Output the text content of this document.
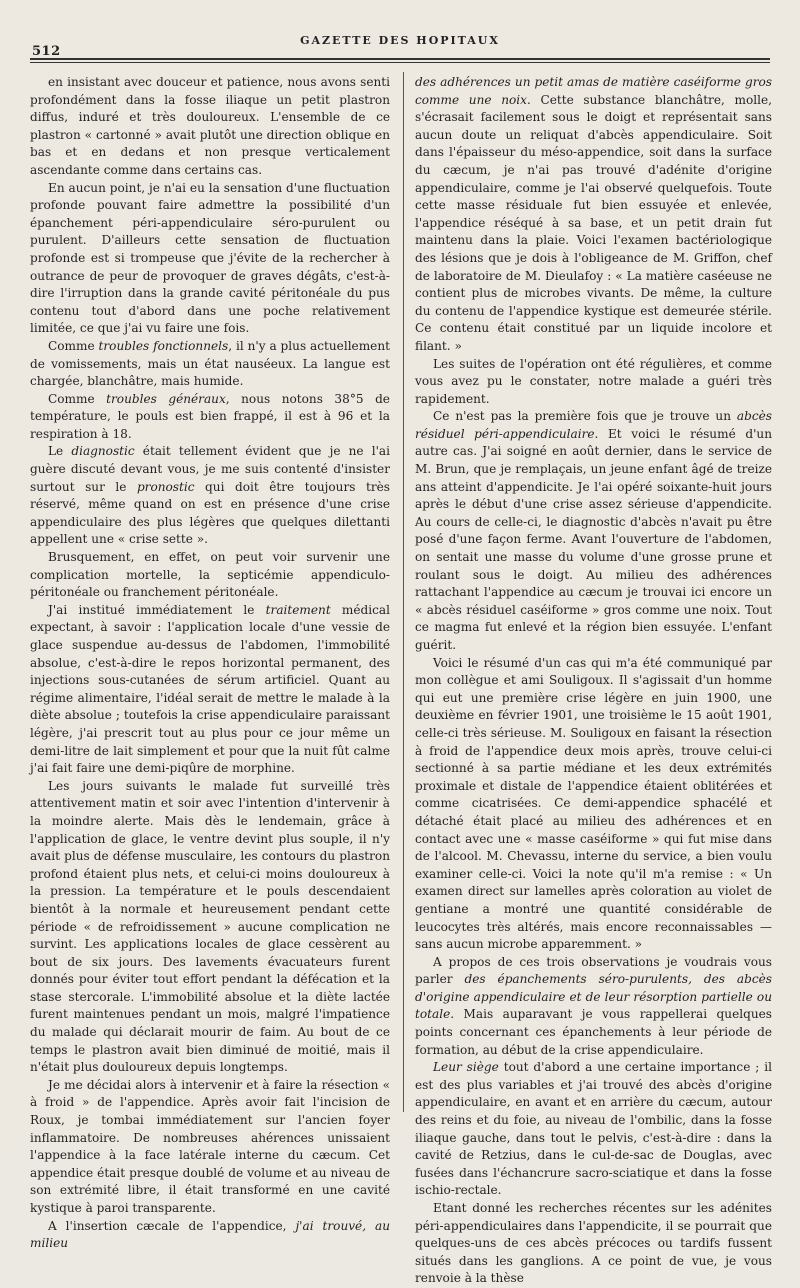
512
GAZETTE DES HOPITAUX

en insistant avec douceur et patience, nous avons senti profondément dans la fosse iliaque un petit plastron diffus, induré et très douloureux. L'ensemble de ce plastron « cartonné » avait plutôt une direction oblique en bas et en dedans et non presque verticalement ascendante comme dans certains cas.

En aucun point, je n'ai eu la sensation d'une fluctuation profonde pouvant faire admettre la possibilité d'un épanchement péri-appendiculaire séro-purulent ou purulent. D'ailleurs cette sensation de fluctuation profonde est si trompeuse que j'évite de la rechercher à outrance de peur de provoquer de graves dégâts, c'est-à-dire l'irruption dans la grande cavité péritonéale du pus contenu tout d'abord dans une poche relativement limitée, ce que j'ai vu faire une fois.

Comme troubles fonctionnels, il n'y a plus actuellement de vomissements, mais un état nauséeux. La langue est chargée, blanchâtre, mais humide.

Comme troubles généraux, nous notons 38°5 de température, le pouls est bien frappé, il est à 96 et la respiration à 18.

Le diagnostic était tellement évident que je ne l'ai guère discuté devant vous, je me suis contenté d'insister surtout sur le pronostic qui doit être toujours très réservé, même quand on est en présence d'une crise appendiculaire des plus légères que quelques dilettanti appellent une « crise sette ».

Brusquement, en effet, on peut voir survenir une complication mortelle, la septicémie appendiculo-péritonéale ou franchement péritonéale.

J'ai institué immédiatement le traitement médical expectant, à savoir : l'application locale d'une vessie de glace suspendue au-dessus de l'abdomen, l'immobilité absolue, c'est-à-dire le repos horizontal permanent, des injections sous-cutanées de sérum artificiel. Quant au régime alimentaire, l'idéal serait de mettre le malade à la diète absolue ; toutefois la crise appendiculaire paraissant légère, j'ai prescrit tout au plus pour ce jour même un demi-litre de lait simplement et pour que la nuit fût calme j'ai fait faire une demi-piqûre de morphine.

Les jours suivants le malade fut surveillé très attentivement matin et soir avec l'intention d'intervenir à la moindre alerte. Mais dès le lendemain, grâce à l'application de glace, le ventre devint plus souple, il n'y avait plus de défense musculaire, les contours du plastron profond étaient plus nets, et celui-ci moins douloureux à la pression. La température et le pouls descendaient bientôt à la normale et heureusement pendant cette période « de refroidissement » aucune complication ne survint. Les applications locales de glace cessèrent au bout de six jours. Des lavements évacuateurs furent donnés pour éviter tout effort pendant la défécation et la stase stercorale. L'immobilité absolue et la diète lactée furent maintenues pendant un mois, malgré l'impatience du malade qui déclarait mourir de faim. Au bout de ce temps le plastron avait bien diminué de moitié, mais il n'était plus douloureux depuis longtemps.

Je me décidai alors à intervenir et à faire la résection « à froid » de l'appendice. Après avoir fait l'incision de Roux, je tombai immédiatement sur l'ancien foyer inflammatoire. De nombreuses ahérences unissaient l'appendice à la face latérale interne du cæcum. Cet appendice était presque doublé de volume et au niveau de son extrémité libre, il était transformé en une cavité kystique à paroi transparente.

A l'insertion cæcale de l'appendice, j'ai trouvé, au milieu

des adhérences un petit amas de matière caséiforme gros comme une noix. Cette substance blanchâtre, molle, s'écrasait facilement sous le doigt et représentait sans aucun doute un reliquat d'abcès appendiculaire. Soit dans l'épaisseur du méso-appendice, soit dans la surface du cæcum, je n'ai pas trouvé d'adénite d'origine appendiculaire, comme je l'ai observé quelquefois. Toute cette masse résiduale fut bien essuyée et enlevée, l'appendice réséqué à sa base, et un petit drain fut maintenu dans la plaie. Voici l'examen bactériologique des lésions que je dois à l'obligeance de M. Griffon, chef de laboratoire de M. Dieulafoy : « La matière caséeuse ne contient plus de microbes vivants. De même, la culture du contenu de l'appendice kystique est demeurée stérile. Ce contenu était constitué par un liquide incolore et filant. »

Les suites de l'opération ont été régulières, et comme vous avez pu le constater, notre malade a guéri très rapidement.

Ce n'est pas la première fois que je trouve un abcès résiduel péri-appendiculaire. Et voici le résumé d'un autre cas. J'ai soigné en août dernier, dans le service de M. Brun, que je remplaçais, un jeune enfant âgé de treize ans atteint d'appendicite. Je l'ai opéré soixante-huit jours après le début d'une crise assez sérieuse d'appendicite. Au cours de celle-ci, le diagnostic d'abcès n'avait pu être posé d'une façon ferme. Avant l'ouverture de l'abdomen, on sentait une masse du volume d'une grosse prune et roulant sous le doigt. Au milieu des adhérences rattachant l'appendice au cæcum je trouvai ici encore un « abcès résiduel caséiforme » gros comme une noix. Tout ce magma fut enlevé et la région bien essuyée. L'enfant guérit.

Voici le résumé d'un cas qui m'a été communiqué par mon collègue et ami Souligoux. Il s'agissait d'un homme qui eut une première crise légère en juin 1900, une deuxième en février 1901, une troisième le 15 août 1901, celle-ci très sérieuse. M. Souligoux en faisant la résection à froid de l'appendice deux mois après, trouve celui-ci sectionné à sa partie médiane et les deux extrémités proximale et distale de l'appendice étaient oblitérées et comme cicatrisées. Ce demi-appendice sphacélé et détaché était placé au milieu des adhérences et en contact avec une « masse caséiforme » qui fut mise dans de l'alcool. M. Chevassu, interne du service, a bien voulu examiner celle-ci. Voici la note qu'il m'a remise : « Un examen direct sur lamelles après coloration au violet de gentiane a montré une quantité considérable de leucocytes très altérés, mais encore reconnaissables — sans aucun microbe apparemment. »

A propos de ces trois observations je voudrais vous parler des épanchements séro-purulents, des abcès d'origine appendiculaire et de leur résorption partielle ou totale. Mais auparavant je vous rappellerai quelques points concernant ces épanchements à leur période de formation, au début de la crise appendiculaire.

Leur siège tout d'abord a une certaine importance ; il est des plus variables et j'ai trouvé des abcès d'origine appendiculaire, en avant et en arrière du cæcum, autour des reins et du foie, au niveau de l'ombilic, dans la fosse iliaque gauche, dans tout le pelvis, c'est-à-dire : dans la cavité de Retzius, dans le cul-de-sac de Douglas, avec fusées dans l'échancrure sacro-sciatique et dans la fosse ischio-rectale.

Etant donné les recherches récentes sur les adénites péri-appendiculaires dans l'appendicite, il se pourrait que quelques-uns de ces abcès précoces ou tardifs fussent situés dans les ganglions. A ce point de vue, je vous renvoie à la thèse
